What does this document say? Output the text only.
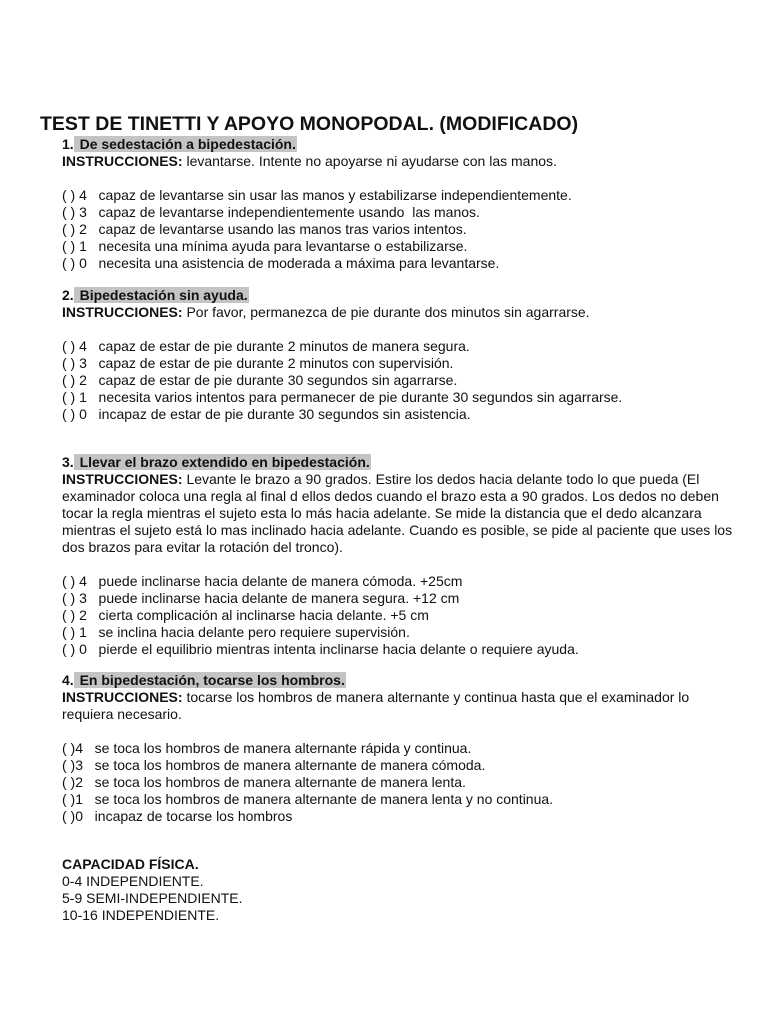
TEST DE TINETTI Y APOYO MONOPODAL. (MODIFICADO)
1. De sedestación a bipedestación.

INSTRUCCIONES: levantarse. Intente no apoyarse ni ayudarse con las manos.

( ) 4   capaz de levantarse sin usar las manos y estabilizarse independientemente.
( ) 3   capaz de levantarse independientemente usando  las manos.
( ) 2   capaz de levantarse usando las manos tras varios intentos.
( ) 1   necesita una mínima ayuda para levantarse o estabilizarse.
( ) 0   necesita una asistencia de moderada a máxima para levantarse.
2. Bipedestación sin ayuda.

INSTRUCCIONES: Por favor, permanezca de pie durante dos minutos sin agarrarse.

( ) 4   capaz de estar de pie durante 2 minutos de manera segura.
( ) 3   capaz de estar de pie durante 2 minutos con supervisión.
( ) 2   capaz de estar de pie durante 30 segundos sin agarrarse.
( ) 1   necesita varios intentos para permanecer de pie durante 30 segundos sin agarrarse.
( ) 0   incapaz de estar de pie durante 30 segundos sin asistencia.
3. Llevar el brazo extendido en bipedestación.

INSTRUCCIONES: Levante le brazo a 90 grados. Estire los dedos hacia delante todo lo que pueda (El examinador coloca una regla al final d ellos dedos cuando el brazo esta a 90 grados. Los dedos no deben tocar la regla mientras el sujeto esta lo más hacia adelante. Se mide la distancia que el dedo alcanzara mientras el sujeto está lo mas inclinado hacia adelante. Cuando es posible, se pide al paciente que uses los dos brazos para evitar la rotación del tronco).

( ) 4   puede inclinarse hacia delante de manera cómoda. +25cm
( ) 3   puede inclinarse hacia delante de manera segura. +12 cm
( ) 2   cierta complicación al inclinarse hacia delante. +5 cm
( ) 1   se inclina hacia delante pero requiere supervisión.
( ) 0   pierde el equilibrio mientras intenta inclinarse hacia delante o requiere ayuda.
4. En bipedestación, tocarse los hombros.

INSTRUCCIONES: tocarse los hombros de manera alternante y continua hasta que el examinador lo requiera necesario.

( )4   se toca los hombros de manera alternante rápida y continua.
( )3   se toca los hombros de manera alternante de manera cómoda.
( )2   se toca los hombros de manera alternante de manera lenta.
( )1   se toca los hombros de manera alternante de manera lenta y no continua.
( )0   incapaz de tocarse los hombros
CAPACIDAD FÍSICA.
0-4 INDEPENDIENTE.
5-9 SEMI-INDEPENDIENTE.
10-16 INDEPENDIENTE.
